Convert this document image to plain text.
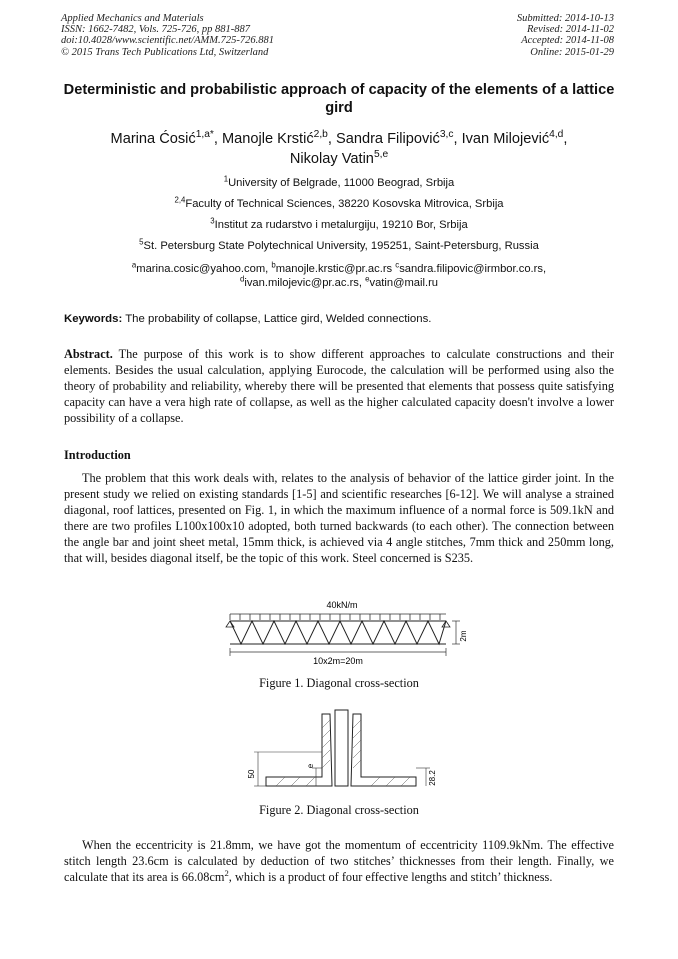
Applied Mechanics and Materials
ISSN: 1662-7482, Vols. 725-726, pp 881-887
doi:10.4028/www.scientific.net/AMM.725-726.881
© 2015 Trans Tech Publications Ltd, Switzerland
Submitted: 2014-10-13
Revised: 2014-11-02
Accepted: 2014-11-08
Online: 2015-01-29
Deterministic and probabilistic approach of capacity of the elements of a lattice gird
Marina Ćosić$^{1,a*}$, Manojle Krstić$^{2,b}$, Sandra Filipović$^{3,c}$, Ivan Milojević$^{4,d}$,
Nikolay Vatin$^{5,e}$
$^1$University of Belgrade, 11000 Beograd, Srbija
$^{2,4}$Faculty of Technical Sciences, 38220 Kosovska Mitrovica, Srbija
$^3$Institut za rudarstvo i metalurgiju, 19210 Bor, Srbija
$^5$St. Petersburg State Polytechnical University, 195251, Saint-Petersburg, Russia
$^a$marina.cosic@yahoo.com, $^b$manojle.krstic@pr.ac.rs $^c$sandra.filipovic@irmbor.co.rs,
$^d$ivan.milojevic@pr.ac.rs, $^e$vatin@mail.ru
Keywords: The probability of collapse, Lattice gird, Welded connections.
Abstract. The purpose of this work is to show different approaches to calculate constructions and their elements. Besides the usual calculation, applying Eurocode, the calculation will be performed using also the theory of probability and reliability, whereby there will be presented that elements that possess quite satisfying capacity can have a vera high rate of collapse, as well as the higher calculated capacity doesn't involve a lower possibility of a collapse.
Introduction
The problem that this work deals with, relates to the analysis of behavior of the lattice girder joint. In the present study we relied on existing standards [1-5] and scientific researches [6-12]. We will analyse a strained diagonal, roof lattices, presented on Fig. 1, in which the maximum influence of a normal force is 509.1kN and there are two profiles L100x100x10 adopted, both turned backwards (to each other). The connection between the angle bar and joint sheet metal, 15mm thick, is achieved via 4 angle stitches, 7mm thick and 250mm long, that will, besides diagonal itself, be the topic of this work. Steel concerned is S235.
40kN/m
10x2m=20m
2m
Figure 1. Diagonal cross-section
50
e
28.2
Figure 2. Diagonal cross-section
When the eccentricity is 21.8mm, we have got the momentum of eccentricity 1109.9kNm. The effective stitch length 23.6cm is calculated by deduction of two stitches’ thicknesses from their length. Finally, we calculate that its area is $66.08cm^2$, which is a product of four effective lengths and stitch’ thickness.
